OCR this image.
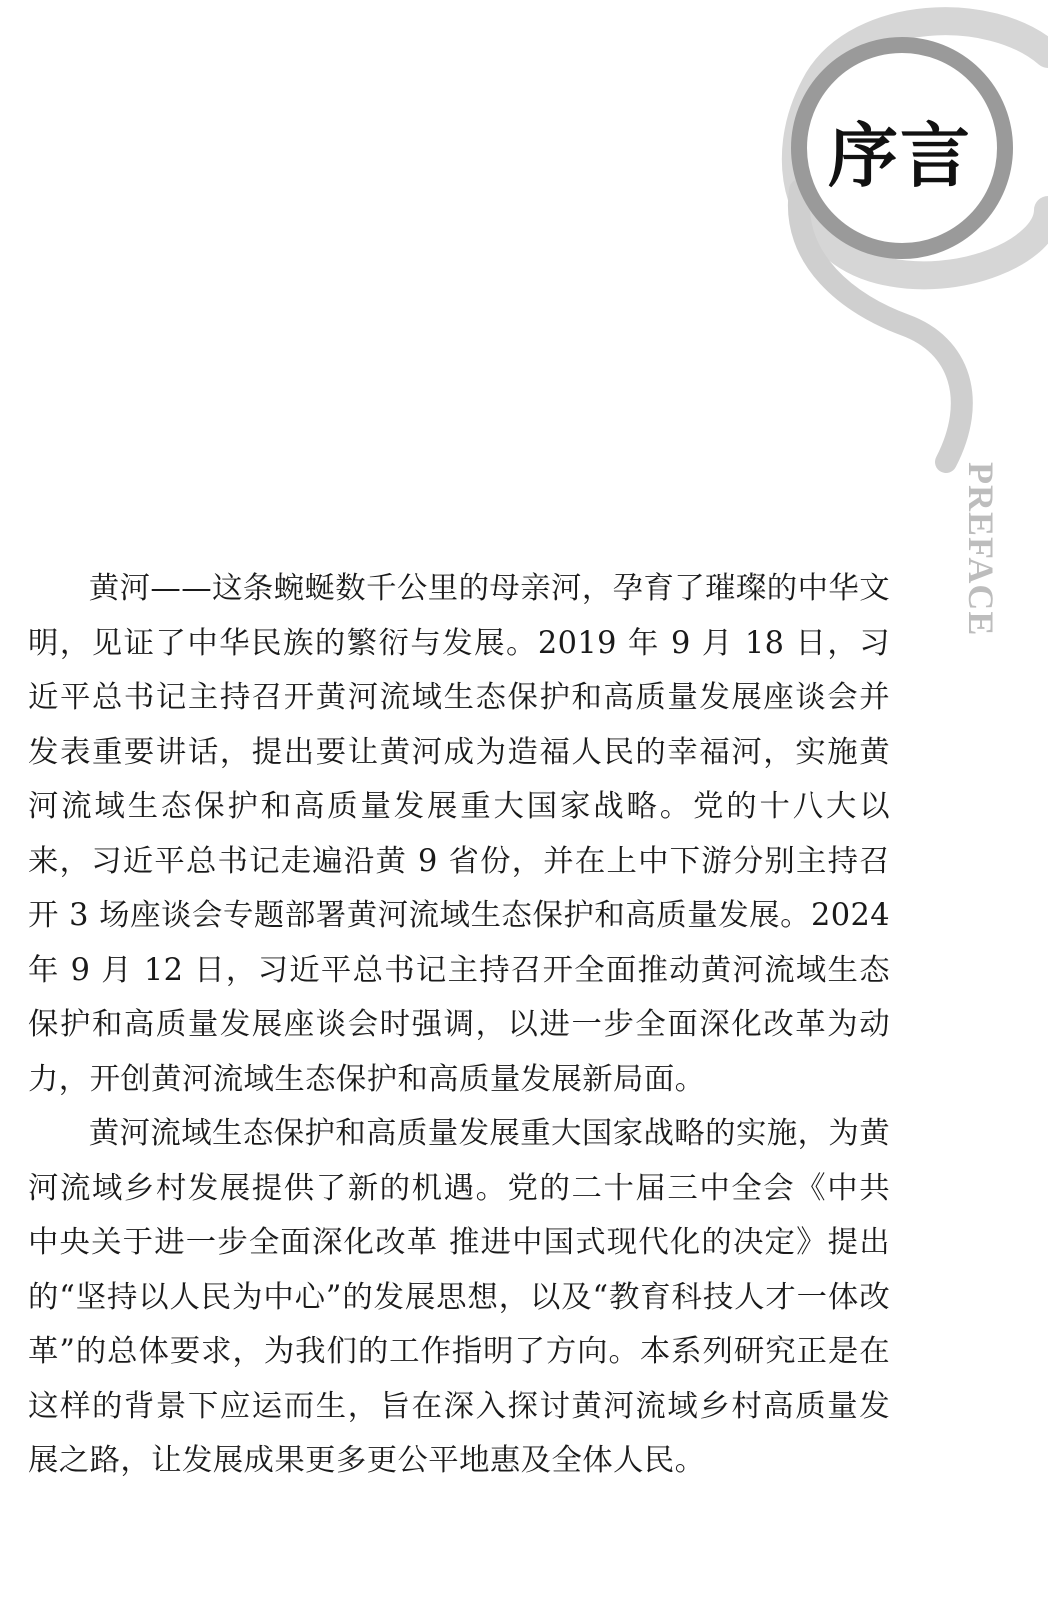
序言
PREFACE

黄河——这条蜿蜒数千公里的母亲河，孕育了璀璨的中华文明，见证了中华民族的繁衍与发展。2019 年 9 月 18 日，习近平总书记主持召开黄河流域生态保护和高质量发展座谈会并发表重要讲话，提出要让黄河成为造福人民的幸福河，实施黄河流域生态保护和高质量发展重大国家战略。党的十八大以来，习近平总书记走遍沿黄 9 省份，并在上中下游分别主持召开 3 场座谈会专题部署黄河流域生态保护和高质量发展。2024 年 9 月 12 日，习近平总书记主持召开全面推动黄河流域生态保护和高质量发展座谈会时强调，以进一步全面深化改革为动力，开创黄河流域生态保护和高质量发展新局面。

黄河流域生态保护和高质量发展重大国家战略的实施，为黄河流域乡村发展提供了新的机遇。党的二十届三中全会《中共中央关于进一步全面深化改革 推进中国式现代化的决定》提出的“坚持以人民为中心”的发展思想，以及“教育科技人才一体改革”的总体要求，为我们的工作指明了方向。本系列研究正是在这样的背景下应运而生，旨在深入探讨黄河流域乡村高质量发展之路，让发展成果更多更公平地惠及全体人民。
